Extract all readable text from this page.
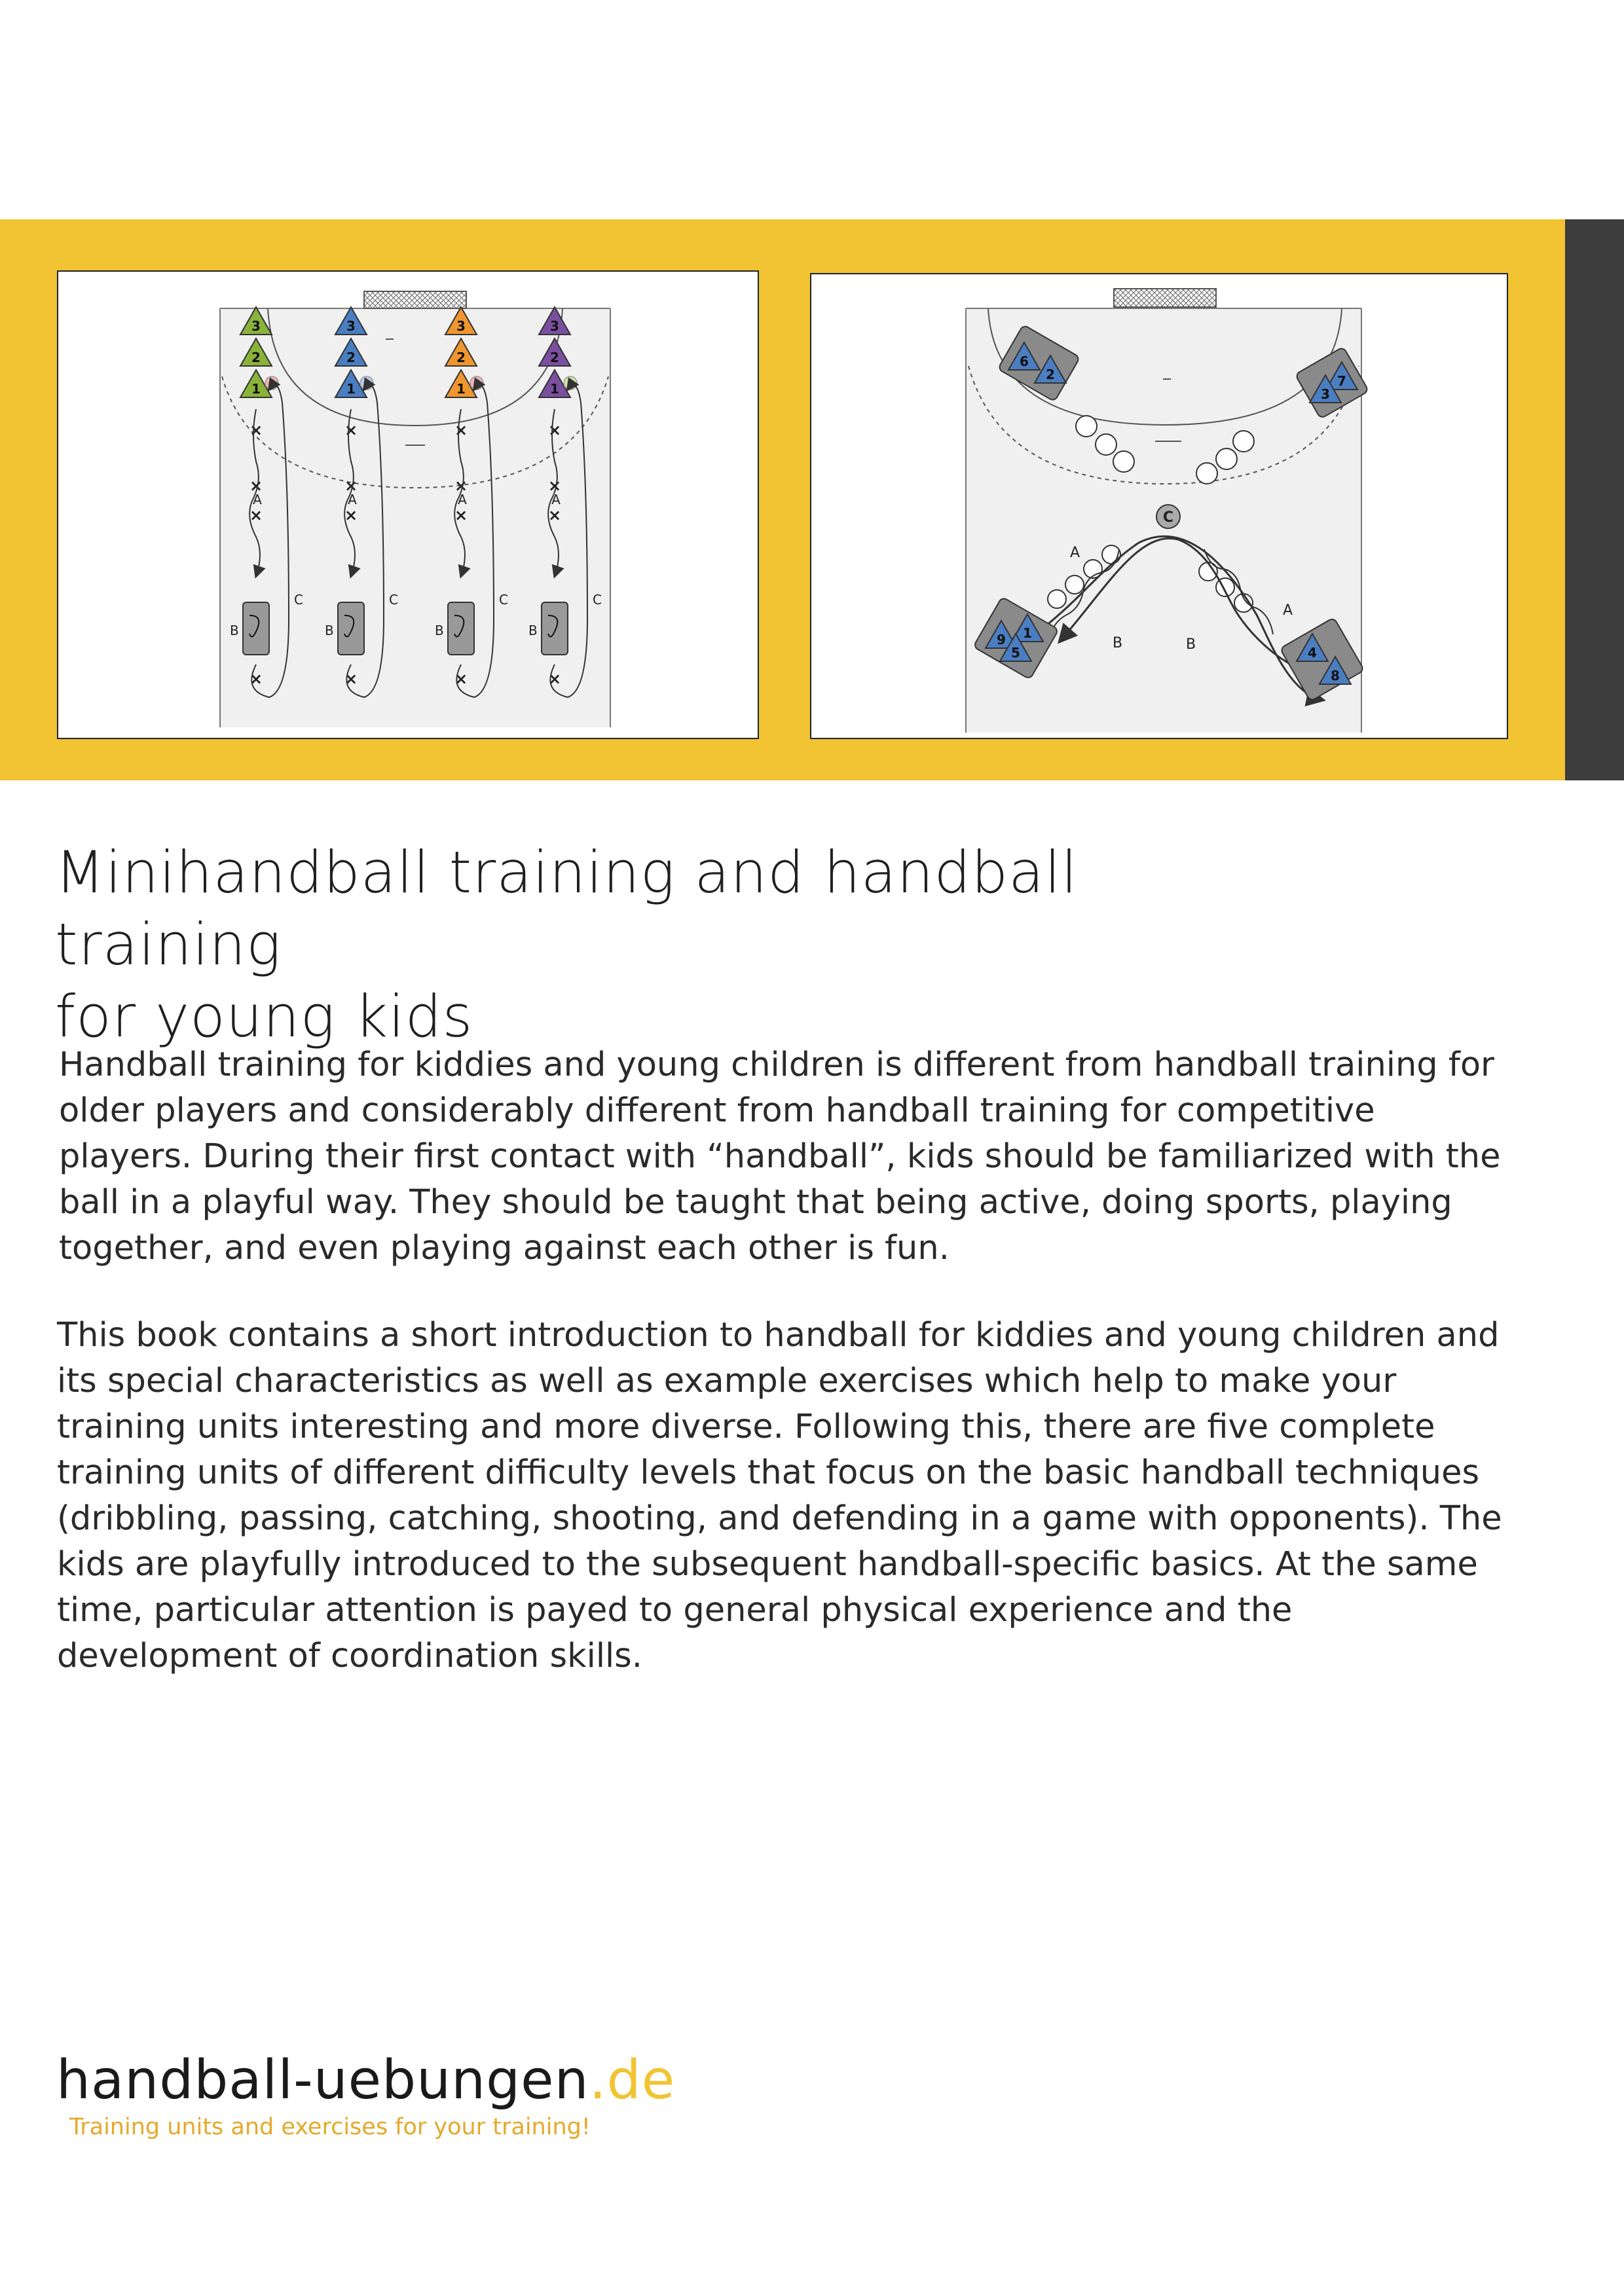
3
2
1
×
×
×
×
A
B
C
3
2
1
×
×
×
×
A
B
C
3
2
1
×
×
×
×
A
B
C
3
2
1
×
×
×
×
A
B
C
C
A
A
B	B
6
2	7
3
9 1
5	4
8
Minihandball training and handball training
for young kids

Handball training for kiddies and young children is different from handball training for older players and considerably different from handball training for competitive players. During their first contact with “handball”, kids should be familiarized with the ball in a playful way. They should be taught that being active, doing sports, playing together, and even playing against each other is fun.

This book contains a short introduction to handball for kiddies and young children and its special characteristics as well as example exercises which help to make your training units interesting and more diverse. Following this, there are five complete training units of different difficulty levels that focus on the basic handball techniques (dribbling, passing, catching, shooting, and defending in a game with opponents). The kids are playfully introduced to the subsequent handball-specific basics. At the same time, particular attention is payed to general physical experience and the development of coordination skills.

handball-uebungen.de
Training units and exercises for your training!
